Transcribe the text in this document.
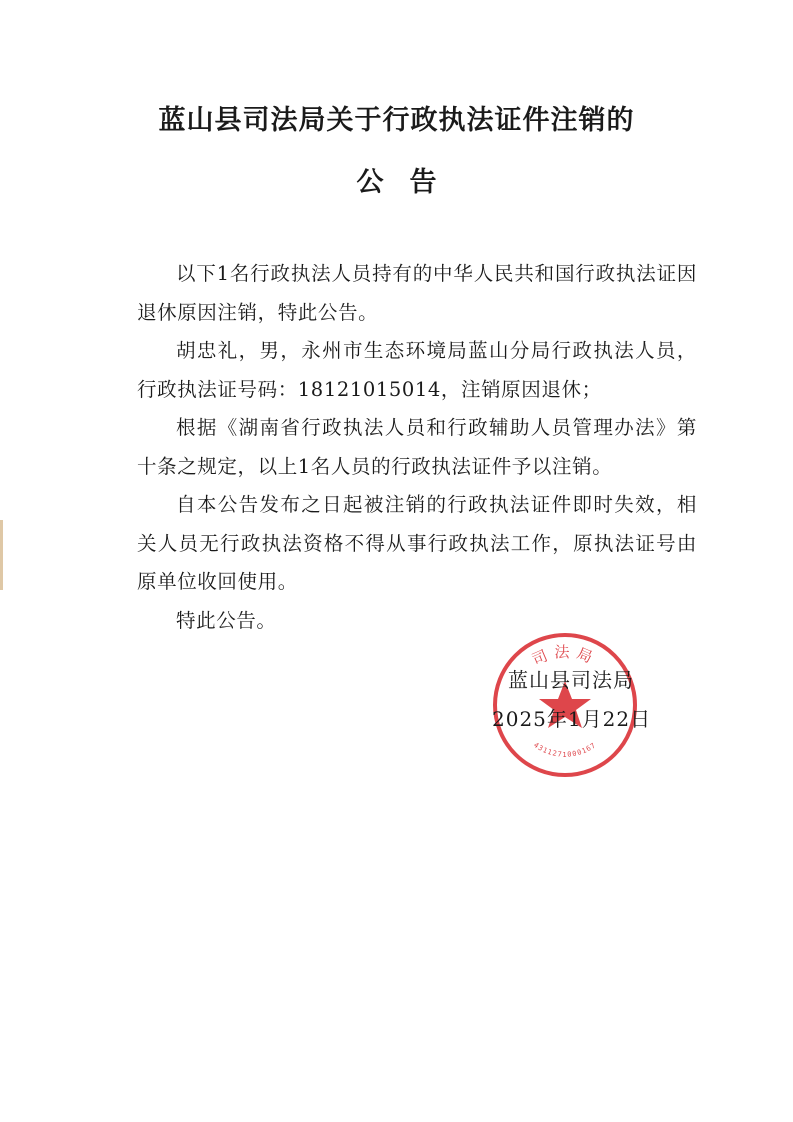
蓝山县司法局关于行政执法证件注销的
公告

以下1名行政执法人员持有的中华人民共和国行政执法证因退休原因注销，特此公告。

胡忠礼，男，永州市生态环境局蓝山分局行政执法人员，行政执法证号码：18121015014，注销原因退休；

根据《湖南省行政执法人员和行政辅助人员管理办法》第十条之规定，以上1名人员的行政执法证件予以注销。

自本公告发布之日起被注销的行政执法证件即时失效，相关人员无行政执法资格不得从事行政执法工作，原执法证号由原单位收回使用。

特此公告。

司法局
4311271000167
蓝山县司法局
2025年1月22日
